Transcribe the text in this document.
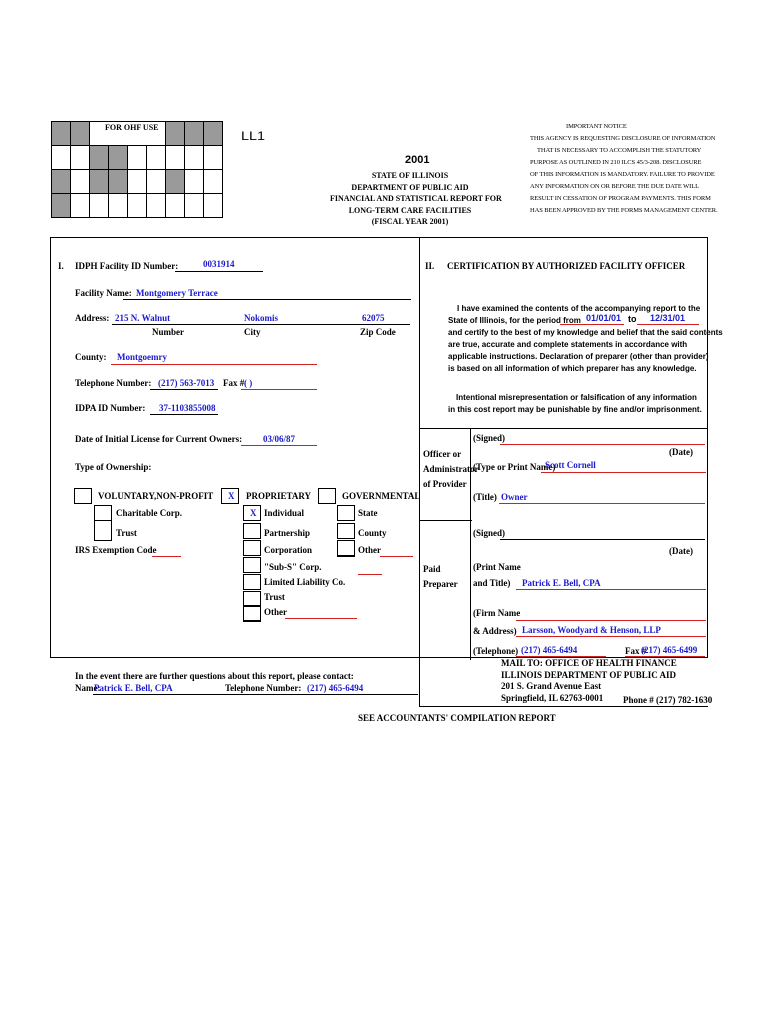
FOR OHF USE
LL1
2001
STATE OF ILLINOIS
DEPARTMENT OF PUBLIC AID
FINANCIAL AND STATISTICAL REPORT FOR
LONG-TERM CARE FACILITIES
(FISCAL YEAR 2001)
IMPORTANT NOTICE
THIS AGENCY IS REQUESTING DISCLOSURE OF INFORMATION
THAT IS NECESSARY TO ACCOMPLISH THE STATUTORY
PURPOSE AS OUTLINED IN 210 ILCS 45/3-208. DISCLOSURE
OF THIS INFORMATION IS MANDATORY. FAILURE TO PROVIDE
ANY INFORMATION ON OR BEFORE THE DUE DATE WILL
RESULT IN CESSATION OF PROGRAM PAYMENTS. THIS FORM
HAS BEEN APPROVED BY THE FORMS MANAGEMENT CENTER.
I. IDPH Facility ID Number:	0031914
Facility Name: Montgomery Terrace
Address: 215 N. Walnut	Nokomis	62075
Number	City	Zip Code
County: Montgoemry
Telephone Number: (217) 563-7013 Fax # ( )
IDPA ID Number: 37-1103855008
Date of Initial License for Current Owners: 03/06/87
Type of Ownership:
VOLUNTARY,NON-PROFIT
Charitable Corp.
Trust
IRS Exemption Code
X PROPRIETARY
X Individual
Partnership
Corporation
"Sub-S" Corp.
Limited Liability Co.
Trust
Other
GOVERNMENTAL
State
County
Other
In the event there are further questions about this report, please contact:
Name:
Patrick E. Bell, CPA	Telephone Number: (217) 465-6494
II. CERTIFICATION BY AUTHORIZED FACILITY OFFICER
I have examined the contents of the accompanying report to the
State of Illinois, for the period from 01/01/01 to 12/31/01
and certify to the best of my knowledge and belief that the said contents
are true, accurate and complete statements in accordance with
applicable instructions. Declaration of preparer (other than provider)
is based on all information of which preparer has any knowledge.
Intentional misrepresentation or falsification of any information
in this cost report may be punishable by fine and/or imprisonment.
Officer or
Administrator
of Provider
(Signed)
(Date)
(Type or Print Name)
Scott Cornell
(Title) Owner
(Signed)
(Date)
Paid
Preparer
(Print Name
and Title) Patrick E. Bell, CPA
(Firm Name
& Address) Larsson, Woodyard & Henson, LLP
(Telephone) (217) 465-6494	Fax #
(217) 465-6499
MAIL TO: OFFICE OF HEALTH FINANCE
ILLINOIS DEPARTMENT OF PUBLIC AID
201 S. Grand Avenue East
Springfield, IL 62763-0001	Phone # (217) 782-1630
SEE ACCOUNTANTS' COMPILATION REPORT
